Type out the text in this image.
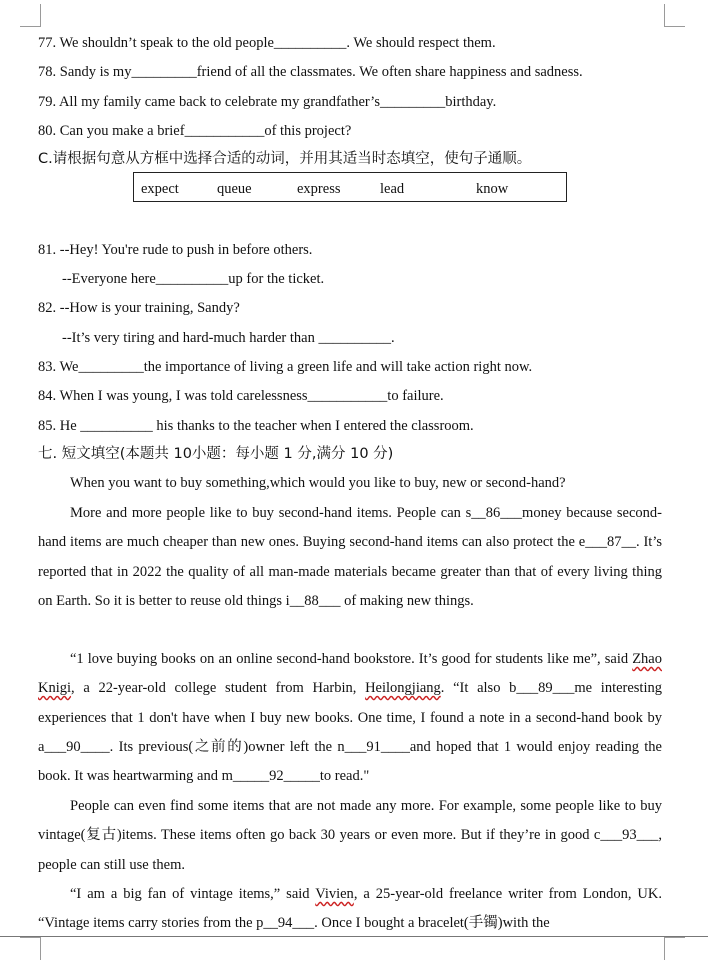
77. We shouldn’t speak to the old people__________. We should respect them.
78. Sandy is my_________friend of all the classmates. We often share happiness and sadness.
79. All my family came back to celebrate my grandfather’s_________birthday.
80. Can you make a brief___________of this project?
C.请根据句意从方框中选择合适的动词，并用其适当时态填空，使句子通顺。
expect	queue	express	lead	know
81. --Hey! You're rude to push in before others.
--Everyone here__________up for the ticket.
82. --How is your training, Sandy?
--It’s very tiring and hard-much harder than __________.
83. We_________the importance of living a green life and will take action right now.
84. When I was young, I was told carelessness___________to failure.
85. He __________ his thanks to the teacher when I entered the classroom.
七. 短文填空(本题共 10小题：每小题 1 分,满分 10 分)
When you want to buy something,which would you like to buy, new or second-hand?
More and more people like to buy second-hand items. People can s__86___money because second-hand items are much cheaper than new ones. Buying second-hand items can also protect the e___87__. It’s reported that in 2022 the quality of all man-made materials became greater than that of every living thing on Earth. So it is better to reuse old things i__88___ of making new things.
“1 love buying books on an online second-hand bookstore. It’s good for students like me”, said Zhao Knigi, a 22-year-old college student from Harbin, Heilongjiang. “It also b___89___me interesting experiences that 1 don't have when I buy new books. One time, I found a note in a second-hand book by a___90____. Its previous(之前的)owner left the n___91____and hoped that 1 would enjoy reading the book. It was heartwarming and m_____92_____to read."
People can even find some items that are not made any more. For example, some people like to buy vintage(复古)items. These items often go back 30 years or even more. But if they’re in good c___93___, people can still use them.
“I am a big fan of vintage items,” said Vivien, a 25-year-old freelance writer from London, UK. “Vintage items carry stories from the p__94___. Once I bought a bracelet(手镯)with the
